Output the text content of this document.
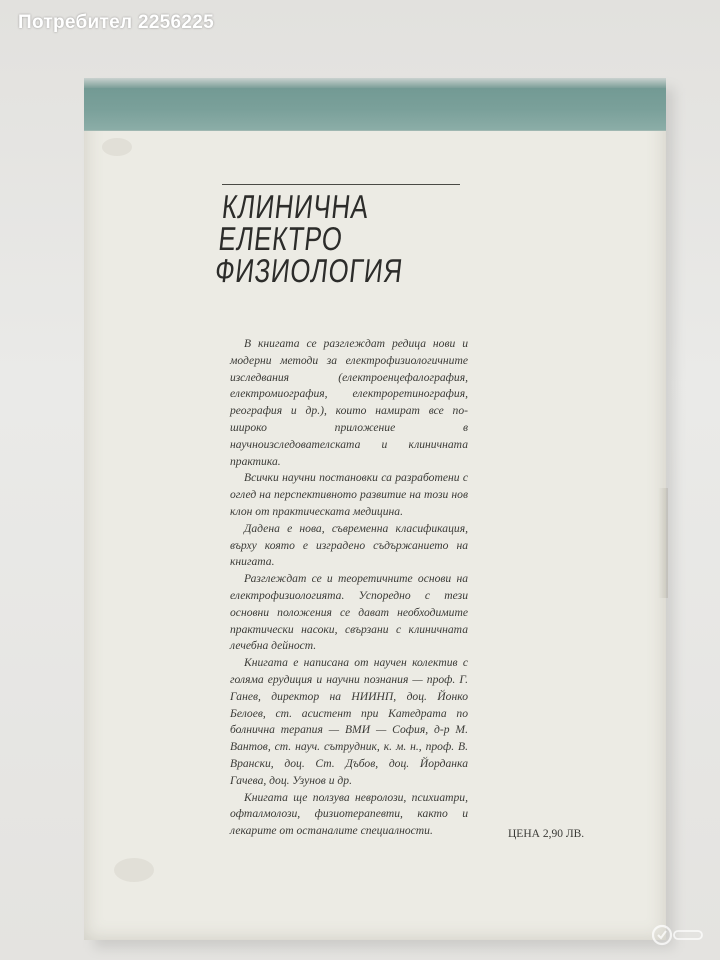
КЛИНИЧНА
ЕЛЕКТРО
ФИЗИОЛОГИЯ

В книгата се разглеждат редица нови и модерни методи за електрофизиологичните изследвания (електроенцефалография, електромиография, електроретинография, реография и др.), които намират все по-широко приложение в научноизследователската и клиничната практика.

Всички научни постановки са разработени с оглед на перспективното развитие на този нов клон от практическата медицина.

Дадена е нова, съвременна класификация, върху която е изградено съдържанието на книгата.

Разглеждат се и теоретичните основи на електрофизиологията. Успоредно с тези основни положения се дават необходимите практически насоки, свързани с клиничната лечебна дейност.

Книгата е написана от научен колектив с голяма ерудиция и научни познания — проф. Г. Ганев, директор на НИИНП, доц. Йонко Белоев, ст. асистент при Катедрата по болнична терапия — ВМИ — София, д-р М. Вантов, ст. науч. сътрудник, к. м. н., проф. В. Врански, доц. Ст. Дъбов, доц. Йорданка Гачева, доц. Узунов и др.

Книгата ще ползува невролози, психиатри, офталмолози, физиотерапевти, както и лекарите от останалите специалности.	ЦЕНА 2,90 ЛВ.
Потребител 2256225
